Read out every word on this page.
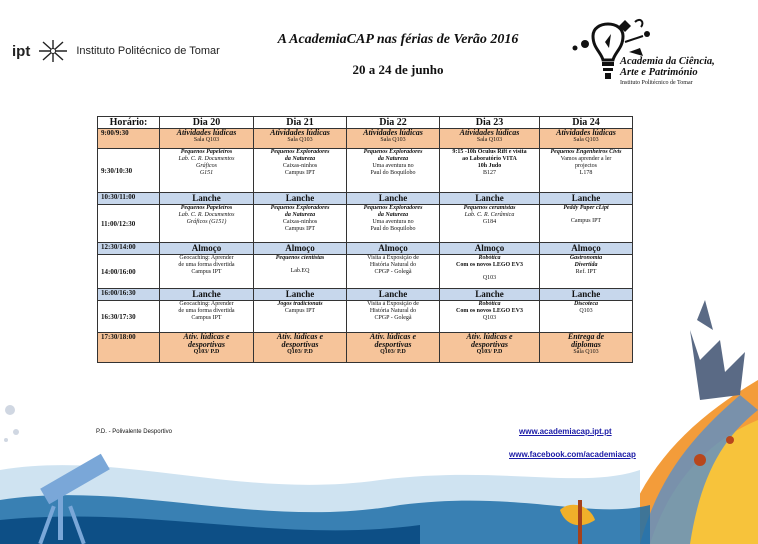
ipt	Instituto Politécnico de Tomar
A AcademiaCAP nas férias de Verão 2016
20 a 24 de junho
Academia da Ciência,
Arte e Património
Instituto Politécnico de Tomar
Horário:	Dia 20	Dia 21	Dia 22	Dia 23	Dia 24
9:00/9:30	Atividades lúdicas
Sala Q103	Atividades lúdicas
Sala Q103	Atividades lúdicas
Sala Q103	Atividades lúdicas
Sala Q103	Atividades lúdicas
Sala Q103

9:30/10:30	Pequenos Papeleiros
Lab. C. R. Documentos
Gráficos
G151	Pequenos Exploradores
da Natureza
Caixas-ninhos
Campus IPT	Pequenos Exploradores
da Natureza
Uma aventura no
Paul do Boquilobo	9:15 -10h Oculus Rift e visita
ao Laboratório VITA
10h Judo
B127	Pequenos Engenheiros Civis
Vamos aprender a ler
projectos
L178

10:30/11:00	Lanche	Lanche	Lanche	Lanche	Lanche

11:00/12:30	Pequenos Papeleiros
Lab. C. R. Documentos
Gráficos (G151)	Pequenos Exploradores
da Natureza
Caixas-ninhos
Campus IPT	Pequenos Exploradores
da Natureza
Uma aventura no
Paul do Boquilobo	Pequenos ceramistas
Lab. C. R. Cerâmica
G184	Peddy Paper cLipt
Campus IPT

12:30/14:00	Almoço	Almoço	Almoço	Almoço	Almoço

14:00/16:00	Geocaching: Aprender
de uma forma divertida
Campus IPT	Pequenos cientistas
Lab.EQ	Visita à Exposição de
História Natural do
CPGP - Golegã	Robótica
Com os novos LEGO EV3
Q103	Gastronomia
Divertida
Ref. IPT

16:00/16:30	Lanche	Lanche	Lanche	Lanche	Lanche

16:30/17:30	Geocaching: Aprender
de uma forma divertida
Campus IPT	Jogos tradicionais
Campus IPT	Visita à Exposição de
História Natural do
CPGP - Golegã	Robótica
Com os novos LEGO EV3
Q103	Discoteca
Q103

17:30/18:00	Ativ. lúdicas e
desportivas
Q103/ P.D	Ativ. lúdicas e
desportivas
Q103/ P.D	Ativ. lúdicas e
desportivas
Q103/ P.D	Ativ. lúdicas e
desportivas
Q103/ P.D	Entrega de
diplomas
Sala Q103
P.D. - Polivalente Desportivo	www.academiacap.ipt.pt
www.facebook.com/academiacap
